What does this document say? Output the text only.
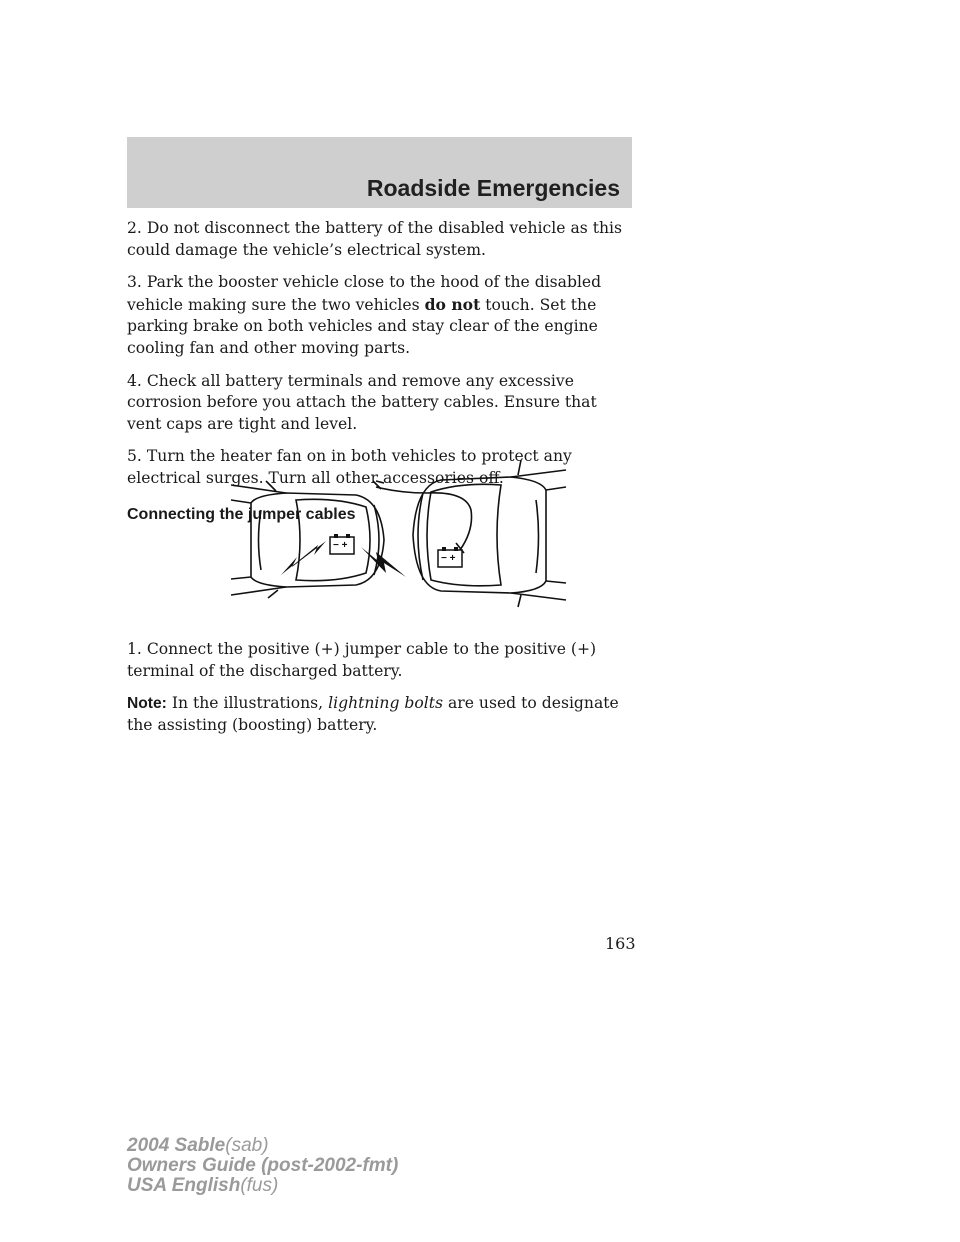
Roadside Emergencies

2. Do not disconnect the battery of the disabled vehicle as this could damage the vehicle’s electrical system.

3. Park the booster vehicle close to the hood of the disabled vehicle making sure the two vehicles do not touch. Set the parking brake on both vehicles and stay clear of the engine cooling fan and other moving parts.

4. Check all battery terminals and remove any excessive corrosion before you attach the battery cables. Ensure that vent caps are tight and level.

5. Turn the heater fan on in both vehicles to protect any electrical surges. Turn all other accessories off.

Connecting the jumper cables
− +
− +

1. Connect the positive (+) jumper cable to the positive (+) terminal of the discharged battery.

Note: In the illustrations, lightning bolts are used to designate the assisting (boosting) battery.

163
2004 Sable(sab)
Owners Guide (post-2002-fmt)
USA English(fus)
